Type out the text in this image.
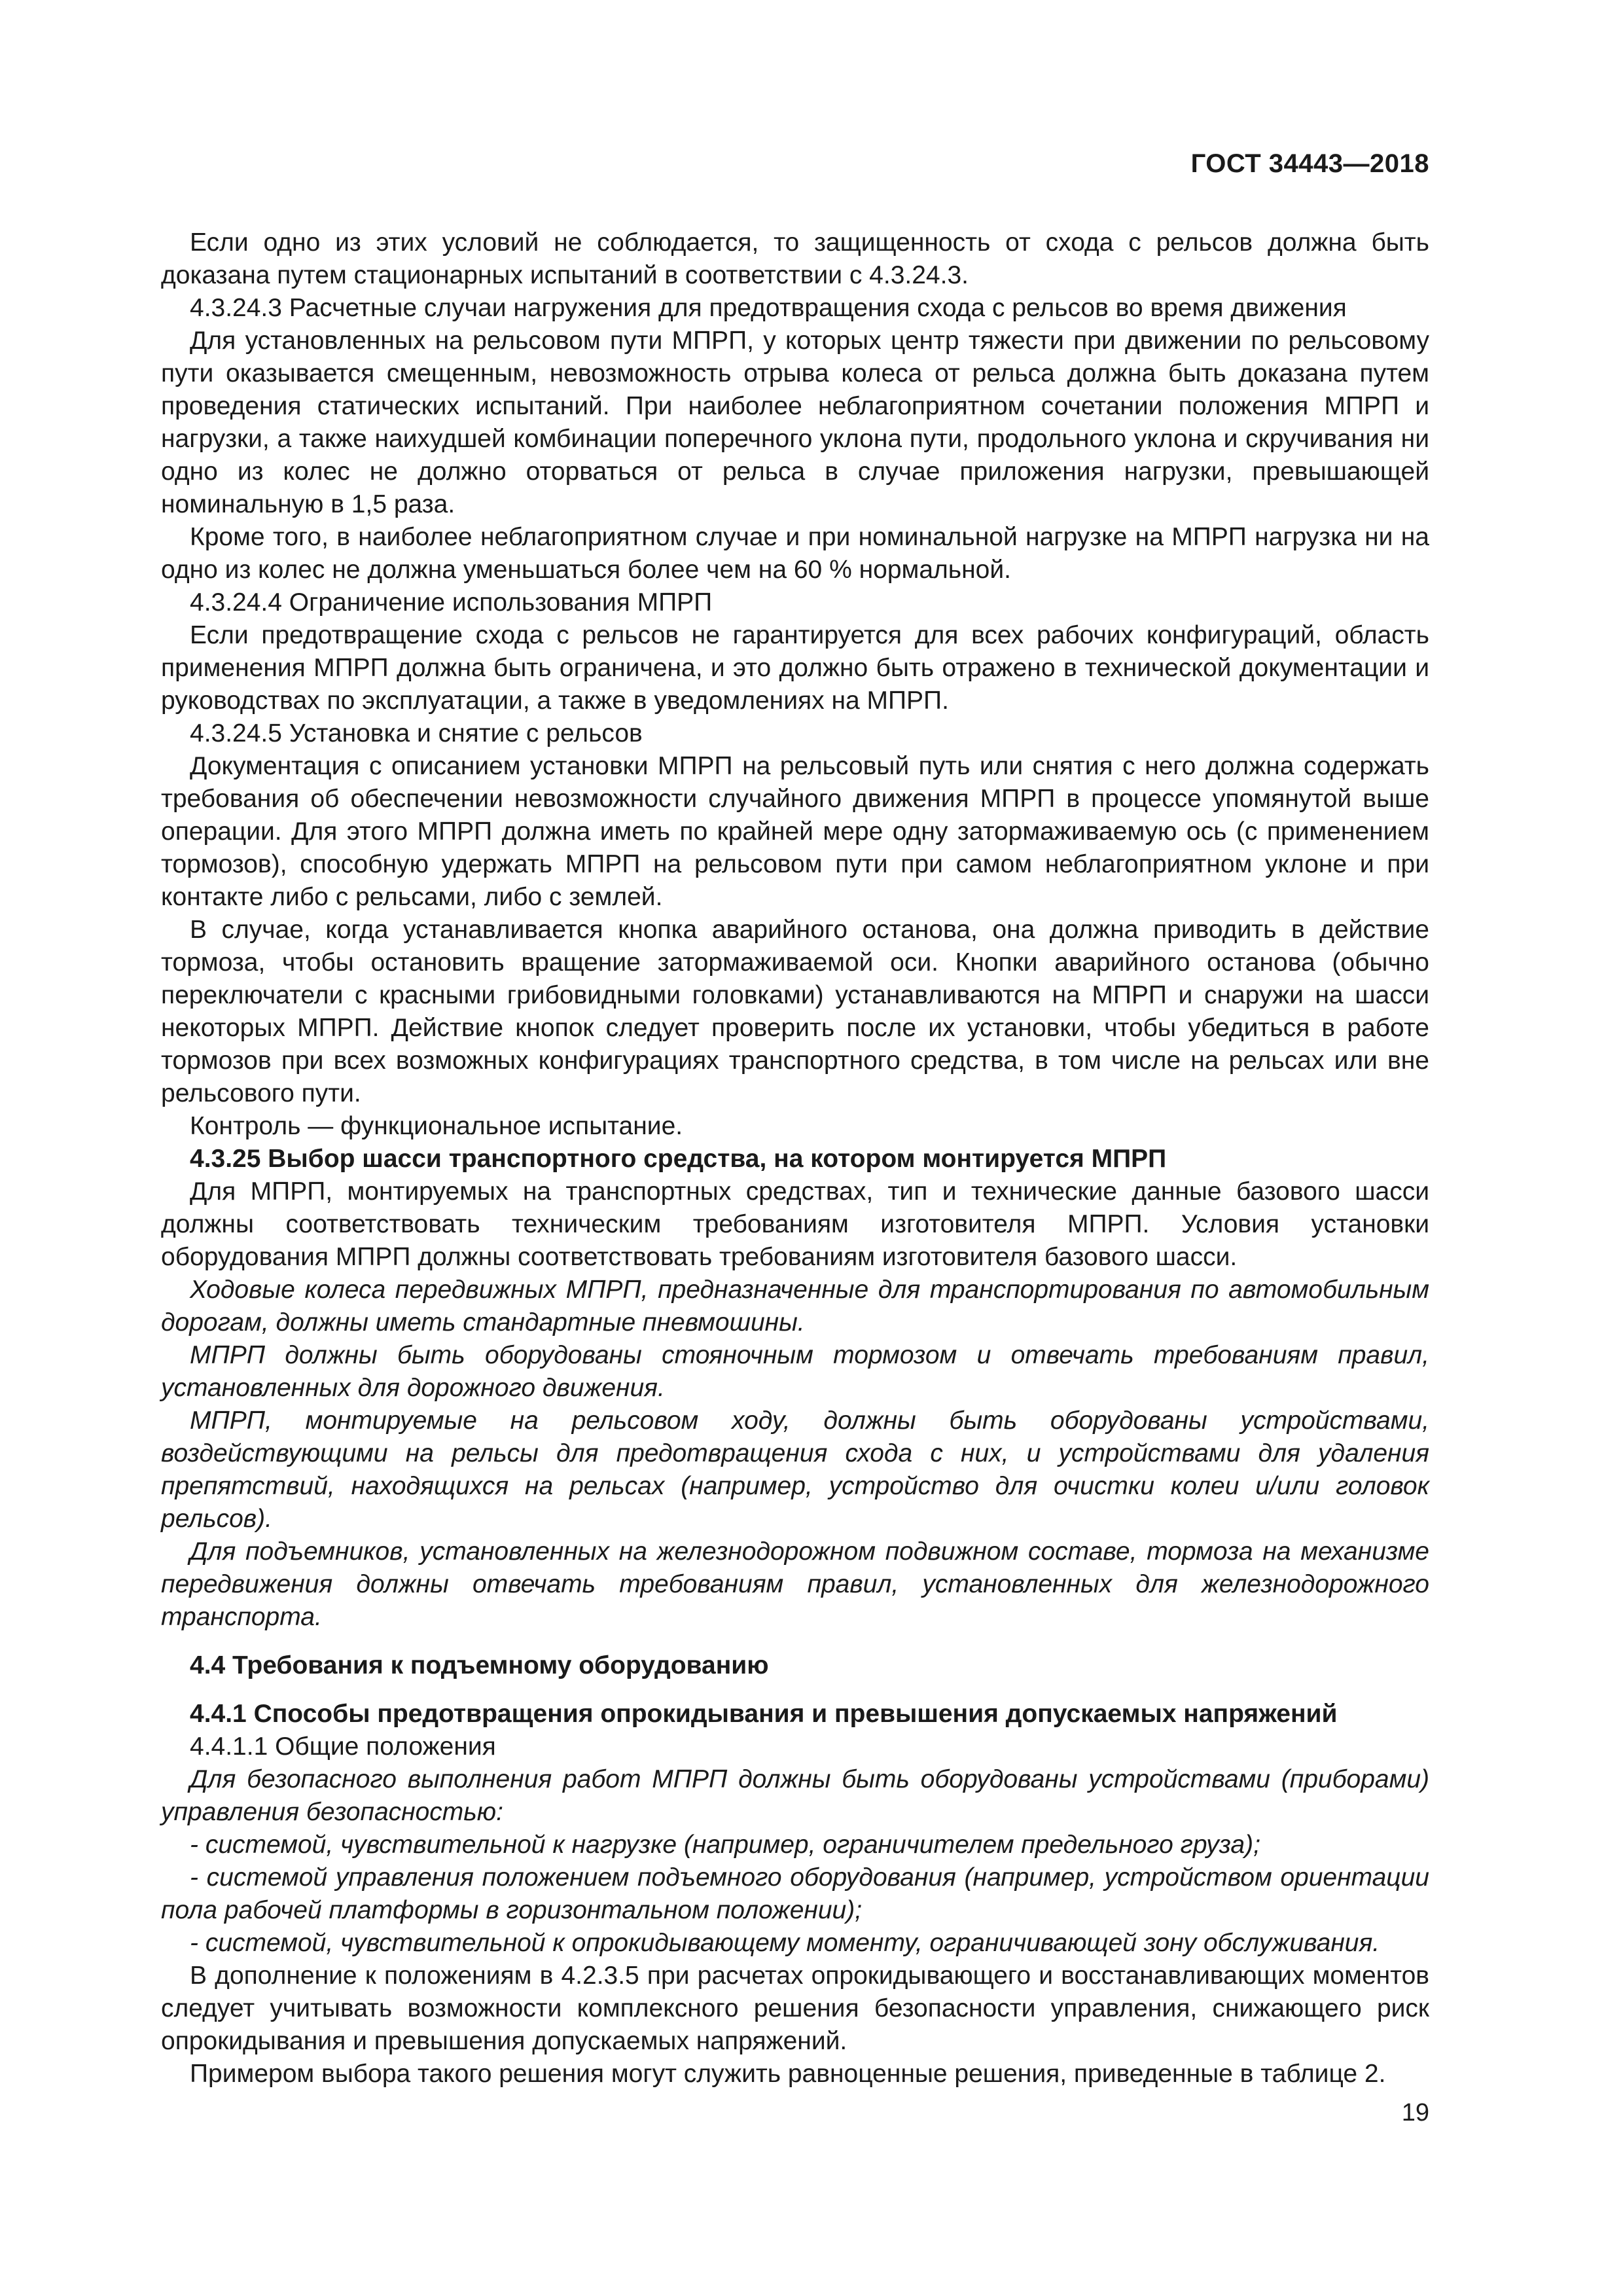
ГОСТ 34443—2018

Если одно из этих условий не соблюдается, то защищенность от схода с рельсов должна быть доказана путем стационарных испытаний в соответствии с 4.3.24.3.

4.3.24.3 Расчетные случаи нагружения для предотвращения схода с рельсов во время движения

Для установленных на рельсовом пути МПРП, у которых центр тяжести при движении по рельсовому пути оказывается смещенным, невозможность отрыва колеса от рельса должна быть доказана путем проведения статических испытаний. При наиболее неблагоприятном сочетании положения МПРП и нагрузки, а также наихудшей комбинации поперечного уклона пути, продольного уклона и скручивания ни одно из колес не должно оторваться от рельса в случае приложения нагрузки, превышающей номинальную в 1,5 раза.

Кроме того, в наиболее неблагоприятном случае и при номинальной нагрузке на МПРП нагрузка ни на одно из колес не должна уменьшаться более чем на 60 % нормальной.

4.3.24.4 Ограничение использования МПРП

Если предотвращение схода с рельсов не гарантируется для всех рабочих конфигураций, область применения МПРП должна быть ограничена, и это должно быть отражено в технической документации и руководствах по эксплуатации, а также в уведомлениях на МПРП.

4.3.24.5 Установка и снятие с рельсов

Документация с описанием установки МПРП на рельсовый путь или снятия с него должна содержать требования об обеспечении невозможности случайного движения МПРП в процессе упомянутой выше операции. Для этого МПРП должна иметь по крайней мере одну затормаживаемую ось (с применением тормозов), способную удержать МПРП на рельсовом пути при самом неблагоприятном уклоне и при контакте либо с рельсами, либо с землей.

В случае, когда устанавливается кнопка аварийного останова, она должна приводить в действие тормоза, чтобы остановить вращение затормаживаемой оси. Кнопки аварийного останова (обычно переключатели с красными грибовидными головками) устанавливаются на МПРП и снаружи на шасси некоторых МПРП. Действие кнопок следует проверить после их установки, чтобы убедиться в работе тормозов при всех возможных конфигурациях транспортного средства, в том числе на рельсах или вне рельсового пути.

Контроль — функциональное испытание.

4.3.25 Выбор шасси транспортного средства, на котором монтируется МПРП

Для МПРП, монтируемых на транспортных средствах, тип и технические данные базового шасси должны соответствовать техническим требованиям изготовителя МПРП. Условия установки оборудования МПРП должны соответствовать требованиям изготовителя базового шасси.

Ходовые колеса передвижных МПРП, предназначенные для транспортирования по автомобильным дорогам, должны иметь стандартные пневмошины.

МПРП должны быть оборудованы стояночным тормозом и отвечать требованиям правил, установленных для дорожного движения.

МПРП, монтируемые на рельсовом ходу, должны быть оборудованы устройствами, воздействующими на рельсы для предотвращения схода с них, и устройствами для удаления препятствий, находящихся на рельсах (например, устройство для очистки колеи и/или головок рельсов).

Для подъемников, установленных на железнодорожном подвижном составе, тормоза на механизме передвижения должны отвечать требованиям правил, установленных для железнодорожного транспорта.

4.4 Требования к подъемному оборудованию

4.4.1 Способы предотвращения опрокидывания и превышения допускаемых напряжений

4.4.1.1 Общие положения

Для безопасного выполнения работ МПРП должны быть оборудованы устройствами (приборами) управления безопасностью:

- системой, чувствительной к нагрузке (например, ограничителем предельного груза);

- системой управления положением подъемного оборудования (например, устройством ориентации пола рабочей платформы в горизонтальном положении);

- системой, чувствительной к опрокидывающему моменту, ограничивающей зону обслуживания.

В дополнение к положениям в 4.2.3.5 при расчетах опрокидывающего и восстанавливающих моментов следует учитывать возможности комплексного решения безопасности управления, снижающего риск опрокидывания и превышения допускаемых напряжений.

Примером выбора такого решения могут служить равноценные решения, приведенные в таблице 2.

19
